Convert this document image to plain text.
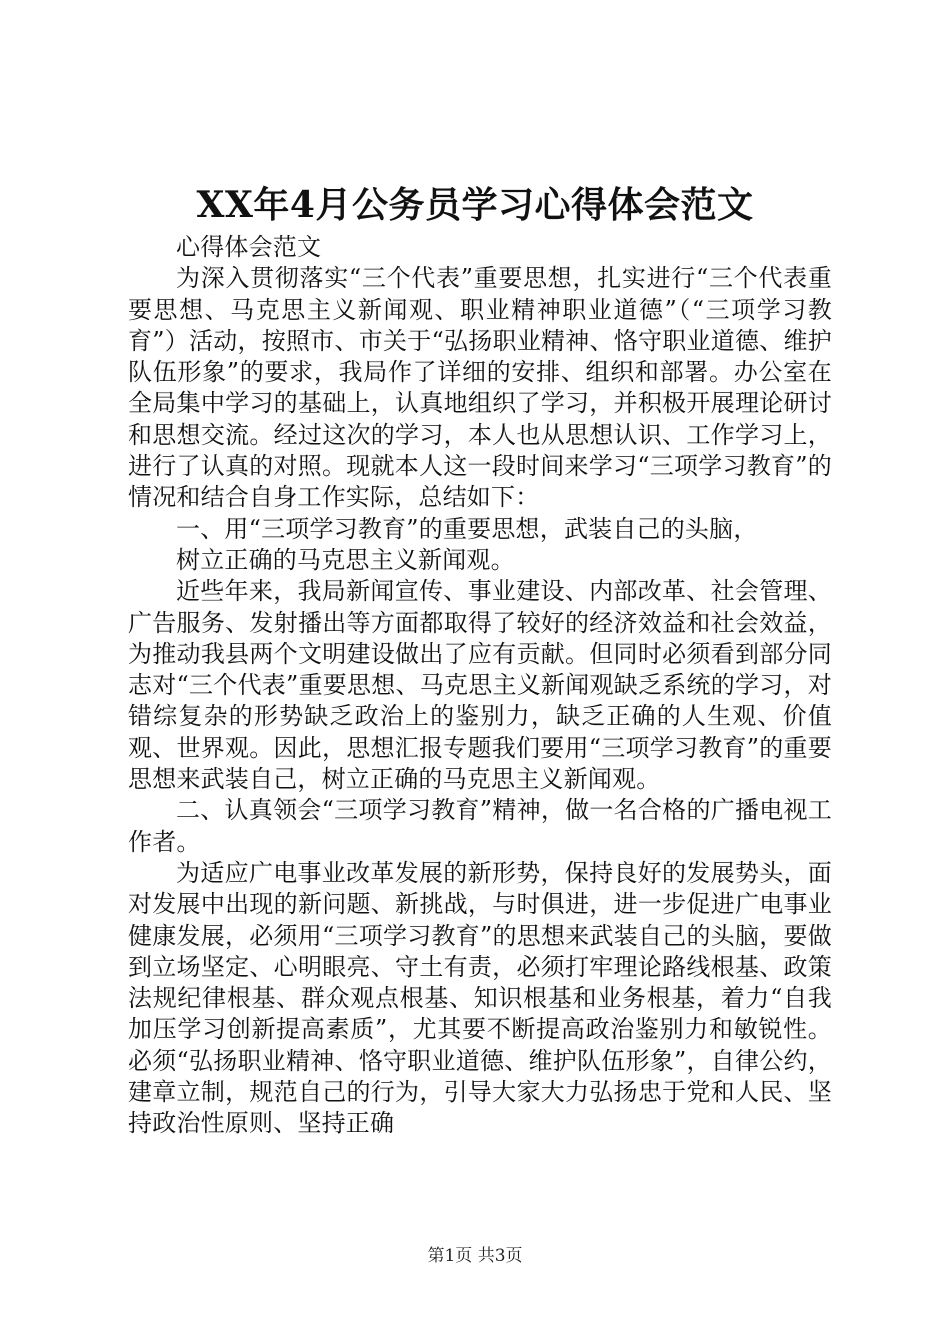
XX年4月公务员学习心得体会范文

心得体会范文

为深入贯彻落实“三个代表”重要思想，扎实进行“三个代表重要思想、马克思主义新闻观、职业精神职业道德”（“三项学习教育”）活动，按照市、市关于“弘扬职业精神、恪守职业道德、维护队伍形象”的要求，我局作了详细的安排、组织和部署。办公室在全局集中学习的基础上，认真地组织了学习，并积极开展理论研讨和思想交流。经过这次的学习，本人也从思想认识、工作学习上，进行了认真的对照。现就本人这一段时间来学习“三项学习教育”的情况和结合自身工作实际，总结如下：

一、用“三项学习教育”的重要思想，武装自己的头脑，

树立正确的马克思主义新闻观。

近些年来，我局新闻宣传、事业建设、内部改革、社会管理、广告服务、发射播出等方面都取得了较好的经济效益和社会效益，为推动我县两个文明建设做出了应有贡献。但同时必须看到部分同志对“三个代表”重要思想、马克思主义新闻观缺乏系统的学习，对错综复杂的形势缺乏政治上的鉴别力，缺乏正确的人生观、价值观、世界观。因此，思想汇报专题我们要用“三项学习教育”的重要思想来武装自己，树立正确的马克思主义新闻观。

二、认真领会“三项学习教育”精神，做一名合格的广播电视工作者。

为适应广电事业改革发展的新形势，保持良好的发展势头，面对发展中出现的新问题、新挑战，与时俱进，进一步促进广电事业健康发展，必须用“三项学习教育”的思想来武装自己的头脑，要做到立场坚定、心明眼亮、守土有责，必须打牢理论路线根基、政策法规纪律根基、群众观点根基、知识根基和业务根基，着力“自我加压学习创新提高素质”，尤其要不断提高政治鉴别力和敏锐性。必须“弘扬职业精神、恪守职业道德、维护队伍形象”，自律公约，建章立制，规范自己的行为，引导大家大力弘扬忠于党和人民、坚持政治性原则、坚持正确

第1页 共3页
